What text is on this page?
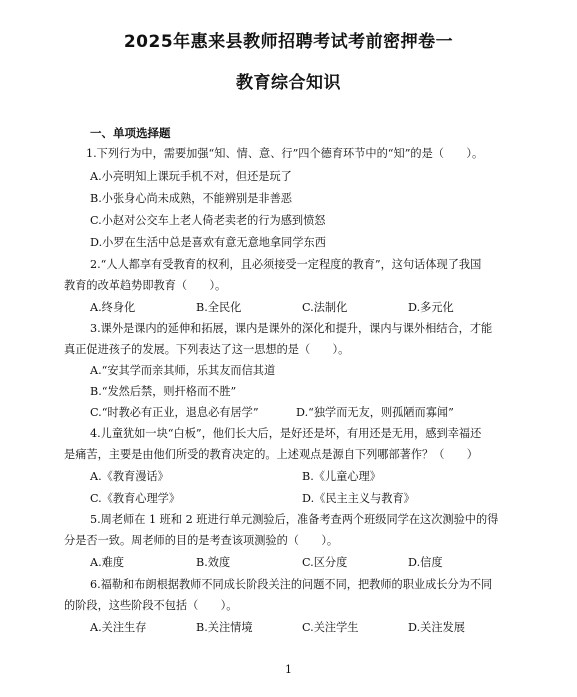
2025年惠来县教师招聘考试考前密押卷一
教育综合知识
一、单项选择题
1.下列行为中，需要加强“知、情、意、行”四个德育环节中的“知”的是（　　）。
A.小亮明知上课玩手机不对，但还是玩了
B.小张身心尚未成熟，不能辨别是非善恶
C.小赵对公交车上老人倚老卖老的行为感到愤怒
D.小罗在生活中总是喜欢有意无意地拿同学东西
2.“人人都享有受教育的权利，且必须接受一定程度的教育”，这句话体现了我国
教育的改革趋势即教育（　　）。
A.终身化	B.全民化	C.法制化	D.多元化
3.课外是课内的延伸和拓展，课内是课外的深化和提升，课内与课外相结合，才能
真正促进孩子的发展。下列表达了这一思想的是（　　）。
A.“安其学而亲其师，乐其友而信其道
B.“发然后禁，则扞格而不胜”
C.“时教必有正业，退息必有居学”	D.“独学而无友，则孤陋而寡闻”
4.儿童犹如一块“白板”，他们长大后，是好还是坏，有用还是无用，感到幸福还
是痛苦，主要是由他们所受的教育决定的。上述观点是源自下列哪部著作？（　　）
A.《教育漫话》	B.《儿童心理》
C.《教育心理学》	D.《民主主义与教育》
5.周老师在 1 班和 2 班进行单元测验后，准备考查两个班级同学在这次测验中的得
分是否一致。周老师的目的是考查该项测验的（　　）。
A.难度	B.效度	C.区分度	D.信度
6.福勒和布朗根据教师不同成长阶段关注的问题不同，把教师的职业成长分为不同
的阶段，这些阶段不包括（　　）。
A.关注生存	B.关注情境	C.关注学生	D.关注发展
1
